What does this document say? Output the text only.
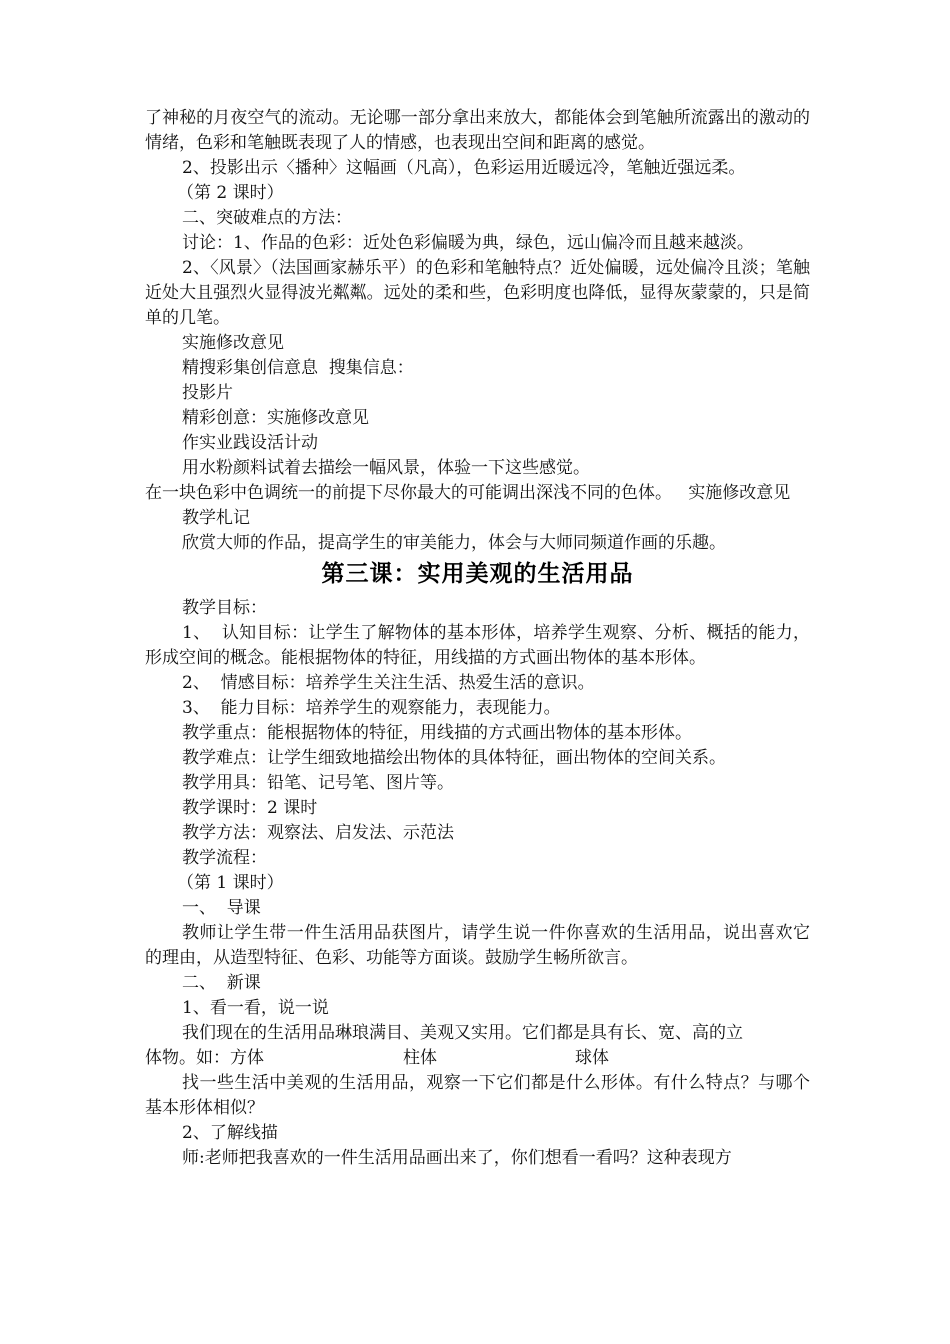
了神秘的月夜空气的流动。无论哪一部分拿出来放大，都能体会到笔触所流露出的激动的情绪，色彩和笔触既表现了人的情感，也表现出空间和距离的感觉。

2、投影出示〈播种〉这幅画（凡高），色彩运用近暖远冷，笔触近强远柔。

（第 2 课时）

二、突破难点的方法：

讨论：1、作品的色彩：近处色彩偏暖为典，绿色，远山偏冷而且越来越淡。

2、〈风景〉（法国画家赫乐平）的色彩和笔触特点？近处偏暖，远处偏冷且淡；笔触近处大且强烈火显得波光粼粼。远处的柔和些，色彩明度也降低，显得灰蒙蒙的，只是简单的几笔。

实施修改意见

精搜彩集创信意息  搜集信息：

投影片

精彩创意：实施修改意见

作实业践设活计动

用水粉颜料试着去描绘一幅风景，体验一下这些感觉。

在一块色彩中色调统一的前提下尽你最大的可能调出深浅不同的色体。   实施修改意见

教学札记

欣赏大师的作品，提高学生的审美能力，体会与大师同频道作画的乐趣。

第三课：实用美观的生活用品

教学目标：

1、  认知目标：让学生了解物体的基本形体，培养学生观察、分析、概括的能力，形成空间的概念。能根据物体的特征，用线描的方式画出物体的基本形体。

2、  情感目标：培养学生关注生活、热爱生活的意识。

3、  能力目标：培养学生的观察能力，表现能力。

教学重点：能根据物体的特征，用线描的方式画出物体的基本形体。

教学难点：让学生细致地描绘出物体的具体特征，画出物体的空间关系。

教学用具：铅笔、记号笔、图片等。

教学课时：2 课时

教学方法：观察法、启发法、示范法

教学流程：

（第 1 课时）

一、  导课

教师让学生带一件生活用品获图片，请学生说一件你喜欢的生活用品，说出喜欢它的理由，从造型特征、色彩、功能等方面谈。鼓励学生畅所欲言。

二、  新课

1、看一看，说一说

我们现在的生活用品琳琅满目、美观又实用。它们都是具有长、宽、高的立

体物。如：方体	柱体	球体

找一些生活中美观的生活用品，观察一下它们都是什么形体。有什么特点？与哪个基本形体相似？

2、了解线描

师:老师把我喜欢的一件生活用品画出来了，你们想看一看吗？这种表现方
